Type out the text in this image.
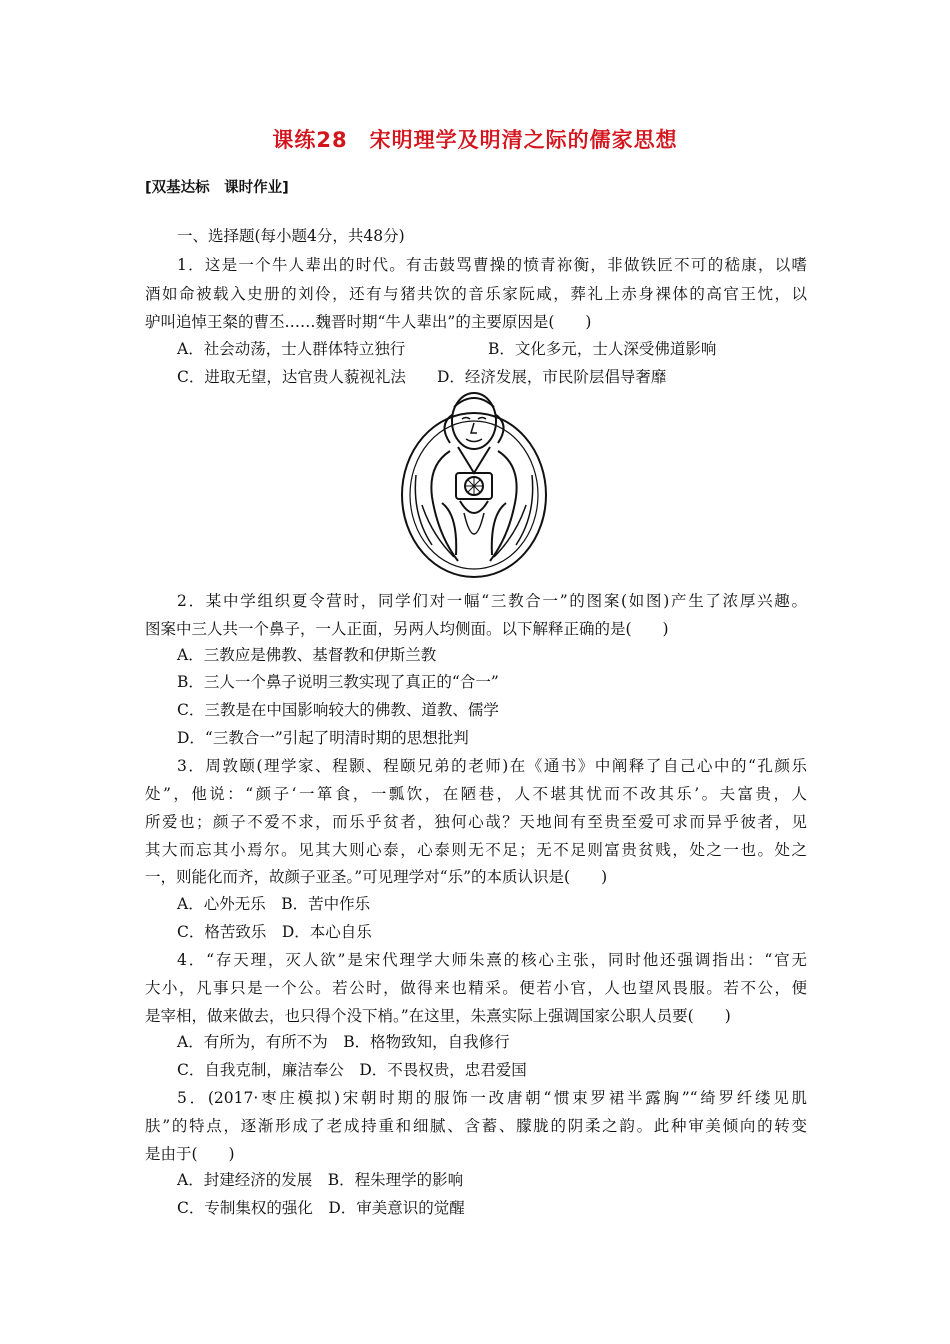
课练28　宋明理学及明清之际的儒家思想
[双基达标　课时作业]
一、选择题(每小题4分，共48分)
1．这是一个牛人辈出的时代。有击鼓骂曹操的愤青祢衡，非做铁匠不可的嵇康，以嗜
酒如命被载入史册的刘伶，还有与猪共饮的音乐家阮咸，葬礼上赤身裸体的高官王忱，以
驴叫追悼王粲的曹丕……魏晋时期“牛人辈出”的主要原因是(　　)
A．社会动荡，士人群体特立独行	B．文化多元，士人深受佛道影响
C．进取无望，达官贵人藐视礼法 D．经济发展，市民阶层倡导奢靡
2．某中学组织夏令营时，同学们对一幅“三教合一”的图案(如图)产生了浓厚兴趣。
图案中三人共一个鼻子，一人正面，另两人均侧面。以下解释正确的是(　　)
A．三教应是佛教、基督教和伊斯兰教
B．三人一个鼻子说明三教实现了真正的“合一”
C．三教是在中国影响较大的佛教、道教、儒学
D．“三教合一”引起了明清时期的思想批判
3．周敦颐(理学家、程颢、程颐兄弟的老师)在《通书》中阐释了自己心中的“孔颜乐
处”，他说：“颜子‘一箪食，一瓢饮，在陋巷，人不堪其忧而不改其乐’。夫富贵，人
所爱也；颜子不爱不求，而乐乎贫者，独何心哉？天地间有至贵至爱可求而异乎彼者，见
其大而忘其小焉尔。见其大则心泰，心泰则无不足；无不足则富贵贫贱，处之一也。处之
一，则能化而齐，故颜子亚圣。”可见理学对“乐”的本质认识是(　　)
A．心外无乐　B．苦中作乐
C．格苦致乐　D．本心自乐
4．“存天理，灭人欲”是宋代理学大师朱熹的核心主张，同时他还强调指出：“官无
大小，凡事只是一个公。若公时，做得来也精采。便若小官，人也望风畏服。若不公，便
是宰相，做来做去，也只得个没下梢。”在这里，朱熹实际上强调国家公职人员要(　　)
A．有所为，有所不为　B．格物致知，自我修行
C．自我克制，廉洁奉公　D．不畏权贵，忠君爱国
5．(2017·枣庄模拟)宋朝时期的服饰一改唐朝“惯束罗裙半露胸”“绮罗纤缕见肌
肤”的特点，逐渐形成了老成持重和细腻、含蓄、朦胧的阴柔之韵。此种审美倾向的转变
是由于(　　)
A．封建经济的发展　B．程朱理学的影响
C．专制集权的强化　D．审美意识的觉醒
